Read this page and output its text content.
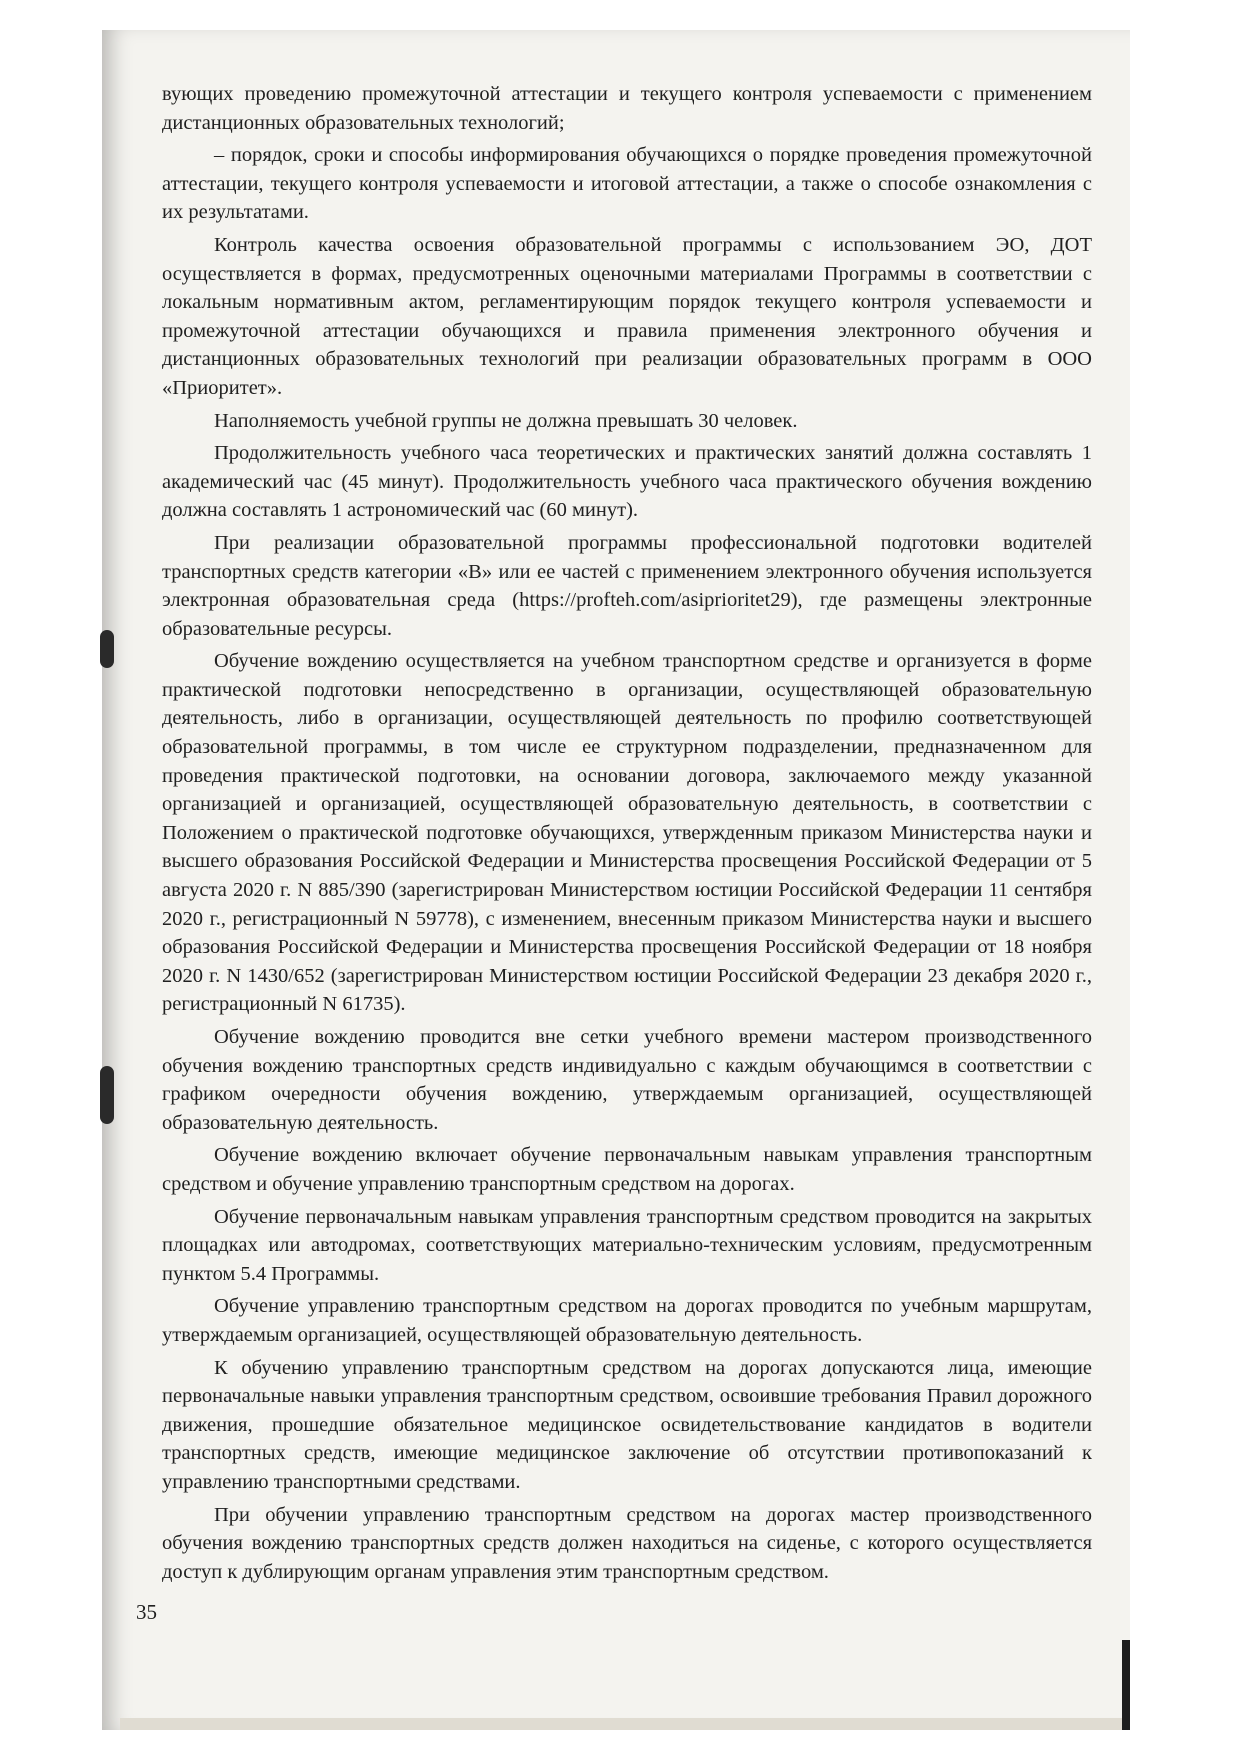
вующих проведению промежуточной аттестации и текущего контроля успеваемости с применением дистанционных образовательных технологий;

– порядок, сроки и способы информирования обучающихся о порядке проведения промежуточной аттестации, текущего контроля успеваемости и итоговой аттестации, а также о способе ознакомления с их результатами.

Контроль качества освоения образовательной программы с использованием ЭО, ДОТ осуществляется в формах, предусмотренных оценочными материалами Программы в соответствии с локальным нормативным актом, регламентирующим порядок текущего контроля успеваемости и промежуточной аттестации обучающихся и правила применения электронного обучения и дистанционных образовательных технологий при реализации образовательных программ в ООО «Приоритет».

Наполняемость учебной группы не должна превышать 30 человек.

Продолжительность учебного часа теоретических и практических занятий должна составлять 1 академический час (45 минут). Продолжительность учебного часа практического обучения вождению должна составлять 1 астрономический час (60 минут).

При реализации образовательной программы профессиональной подготовки водителей транспортных средств категории «В» или ее частей с применением электронного обучения используется электронная образовательная среда (https://profteh.com/asiprioritet29), где размещены электронные образовательные ресурсы.

Обучение вождению осуществляется на учебном транспортном средстве и организуется в форме практической подготовки непосредственно в организации, осуществляющей образовательную деятельность, либо в организации, осуществляющей деятельность по профилю соответствующей образовательной программы, в том числе ее структурном подразделении, предназначенном для проведения практической подготовки, на основании договора, заключаемого между указанной организацией и организацией, осуществляющей образовательную деятельность, в соответствии с Положением о практической подготовке обучающихся, утвержденным приказом Министерства науки и высшего образования Российской Федерации и Министерства просвещения Российской Федерации от 5 августа 2020 г. N 885/390 (зарегистрирован Министерством юстиции Российской Федерации 11 сентября 2020 г., регистрационный N 59778), с изменением, внесенным приказом Министерства науки и высшего образования Российской Федерации и Министерства просвещения Российской Федерации от 18 ноября 2020 г. N 1430/652 (зарегистрирован Министерством юстиции Российской Федерации 23 декабря 2020 г., регистрационный N 61735).

Обучение вождению проводится вне сетки учебного времени мастером производственного обучения вождению транспортных средств индивидуально с каждым обучающимся в соответствии с графиком очередности обучения вождению, утверждаемым организацией, осуществляющей образовательную деятельность.

Обучение вождению включает обучение первоначальным навыкам управления транспортным средством и обучение управлению транспортным средством на дорогах.

Обучение первоначальным навыкам управления транспортным средством проводится на закрытых площадках или автодромах, соответствующих материально-техническим условиям, предусмотренным пунктом 5.4 Программы.

Обучение управлению транспортным средством на дорогах проводится по учебным маршрутам, утверждаемым организацией, осуществляющей образовательную деятельность.

К обучению управлению транспортным средством на дорогах допускаются лица, имеющие первоначальные навыки управления транспортным средством, освоившие требования Правил дорожного движения, прошедшие обязательное медицинское освидетельствование кандидатов в водители транспортных средств, имеющие медицинское заключение об отсутствии противопоказаний к управлению транспортными средствами.

При обучении управлению транспортным средством на дорогах мастер производственного обучения вождению транспортных средств должен находиться на сиденье, с которого осуществляется доступ к дублирующим органам управления этим транспортным средством.

35
